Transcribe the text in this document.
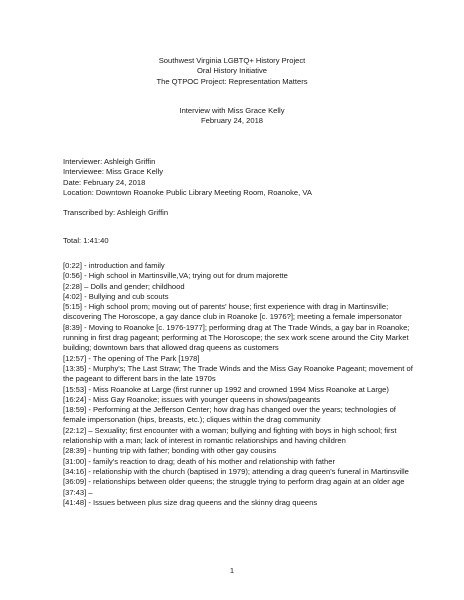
Southwest Virginia LGBTQ+ History Project
Oral History Initiative
The QTPOC Project: Representation Matters
Interview with Miss Grace Kelly
February 24, 2018
Interviewer: Ashleigh Griffin
Interviewee: Miss Grace Kelly
Date: February 24, 2018
Location: Downtown Roanoke Public Library Meeting Room, Roanoke, VA
Transcribed by: Ashleigh Griffin
Total: 1:41:40
[0:22] - introduction and family
[0:56] - High school in Martinsville,VA; trying out for drum majorette
[2:28] – Dolls and gender; childhood
[4:02] - Bullying and cub scouts
[5:15] - High school prom; moving out of parents' house; first experience with drag in Martinsville; discovering The Horoscope, a gay dance club in Roanoke [c. 1976?]; meeting a female impersonator
[8:39] - Moving to Roanoke [c. 1976-1977]; performing drag at The Trade Winds, a gay bar in Roanoke; running in first drag pageant; performing at The Horoscope; the sex work scene around the City Market building; downtown bars that allowed drag queens as customers
[12:57] - The opening of The Park [1978]
[13:35] - Murphy's; The Last Straw; The Trade Winds and the Miss Gay Roanoke Pageant; movement of the pageant to different bars in the late 1970s
[15:53] - Miss Roanoke at Large (first runner up 1992 and crowned 1994 Miss Roanoke at Large)
[16:24] - Miss Gay Roanoke; issues with younger queens in shows/pageants
[18:59] - Performing at the Jefferson Center; how drag has changed over the years; technologies of female impersonation (hips, breasts, etc.); cliques within the drag community
[22:12] – Sexuality; first encounter with a woman; bullying and fighting with boys in high school; first relationship with a man; lack of interest in romantic relationships and having children
[28:39] - hunting trip with father; bonding with other gay cousins
[31:00] - family's reaction to drag; death of his mother and relationship with father
[34:16] - relationship with the church (baptised in 1979); attending a drag queen's funeral in Martinsville
[36:09] - relationships between older queens; the struggle trying to perform drag again at an older age
[37:43] –
[41:48] - Issues between plus size drag queens and the skinny drag queens
1
